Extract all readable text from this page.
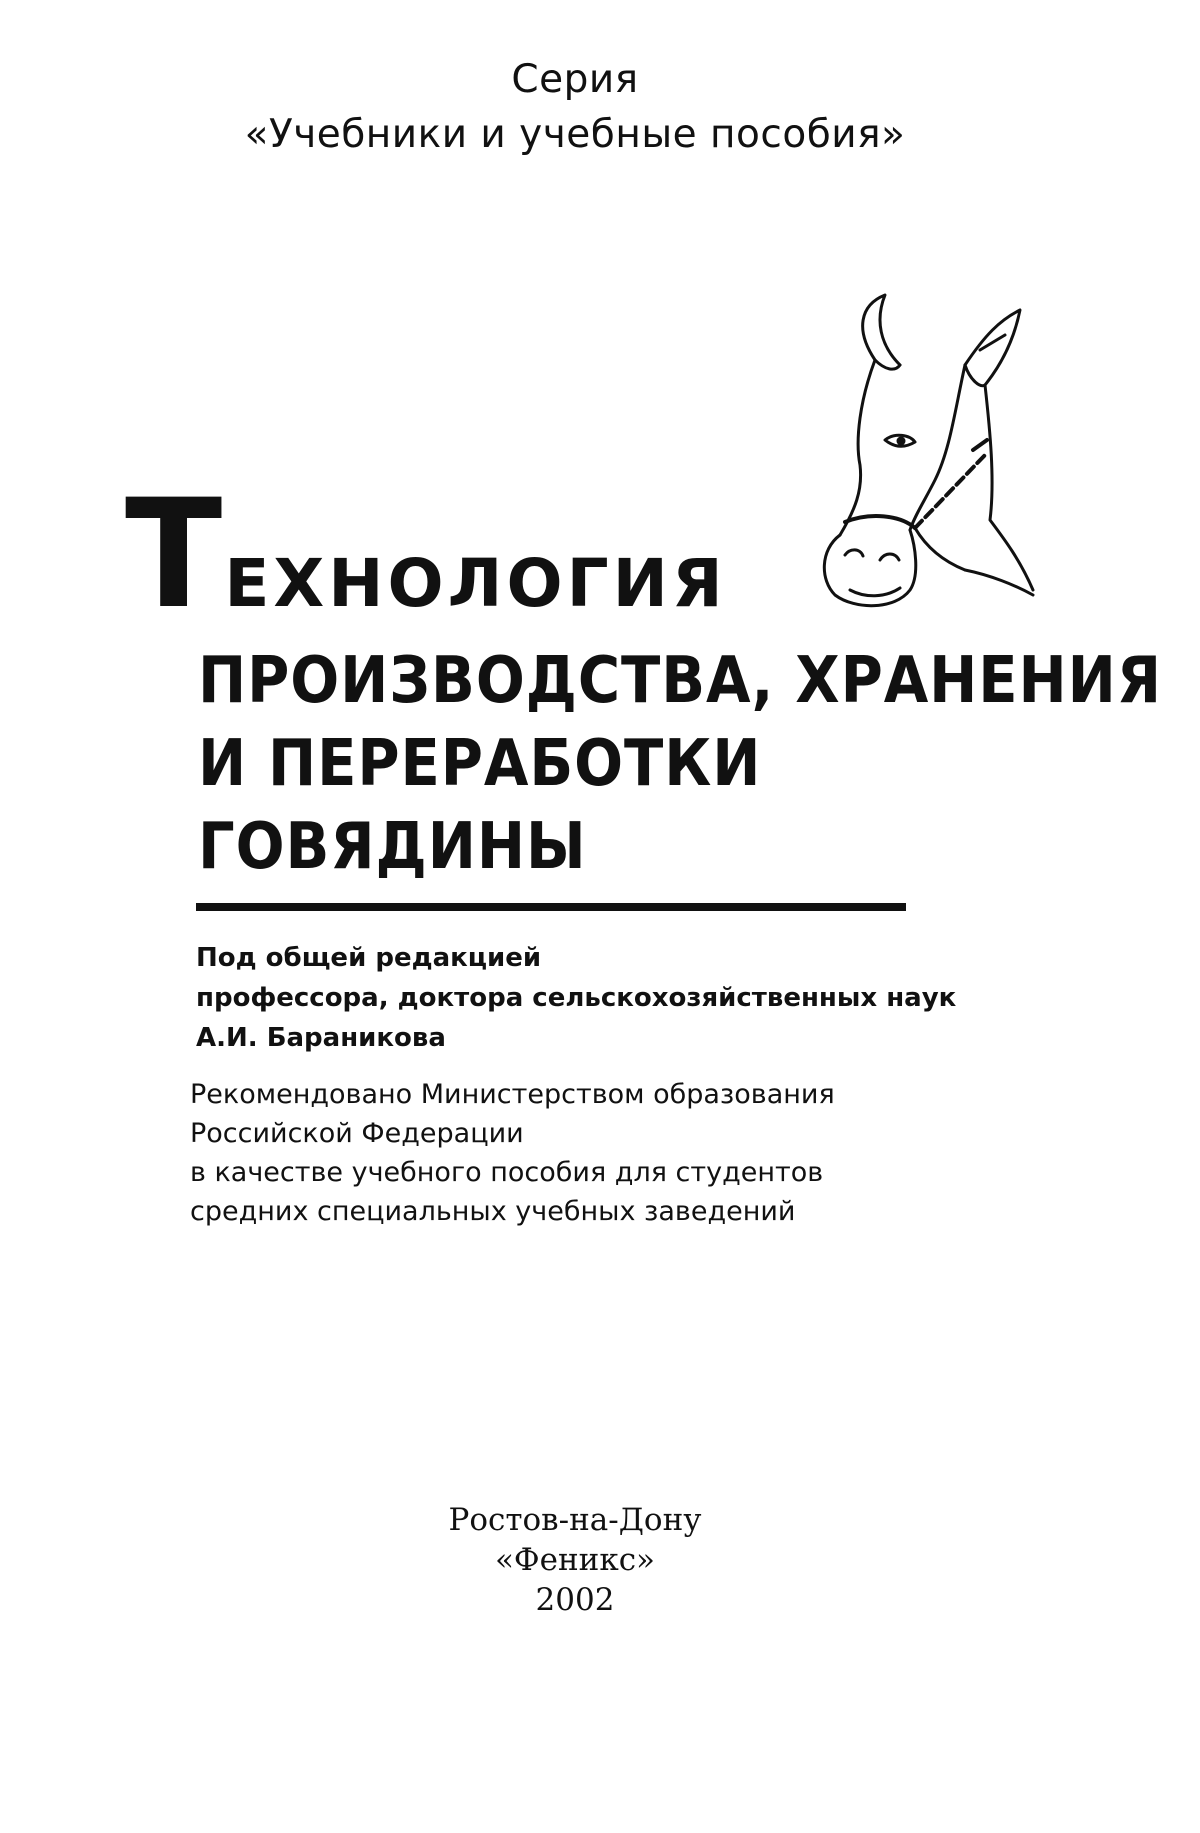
Серия
«Учебники и учебные пособия»
ТЕХНОЛОГИЯ
ПРОИЗВОДСТВА, ХРАНЕНИЯ
И ПЕРЕРАБОТКИ
ГОВЯДИНЫ
Под общей редакцией
профессора, доктора сельскохозяйственных наук
А.И. Бараникова
Рекомендовано Министерством образования
Российской Федерации
в качестве учебного пособия для студентов
средних специальных учебных заведений
Ростов-на-Дону
«Феникс»
2002
